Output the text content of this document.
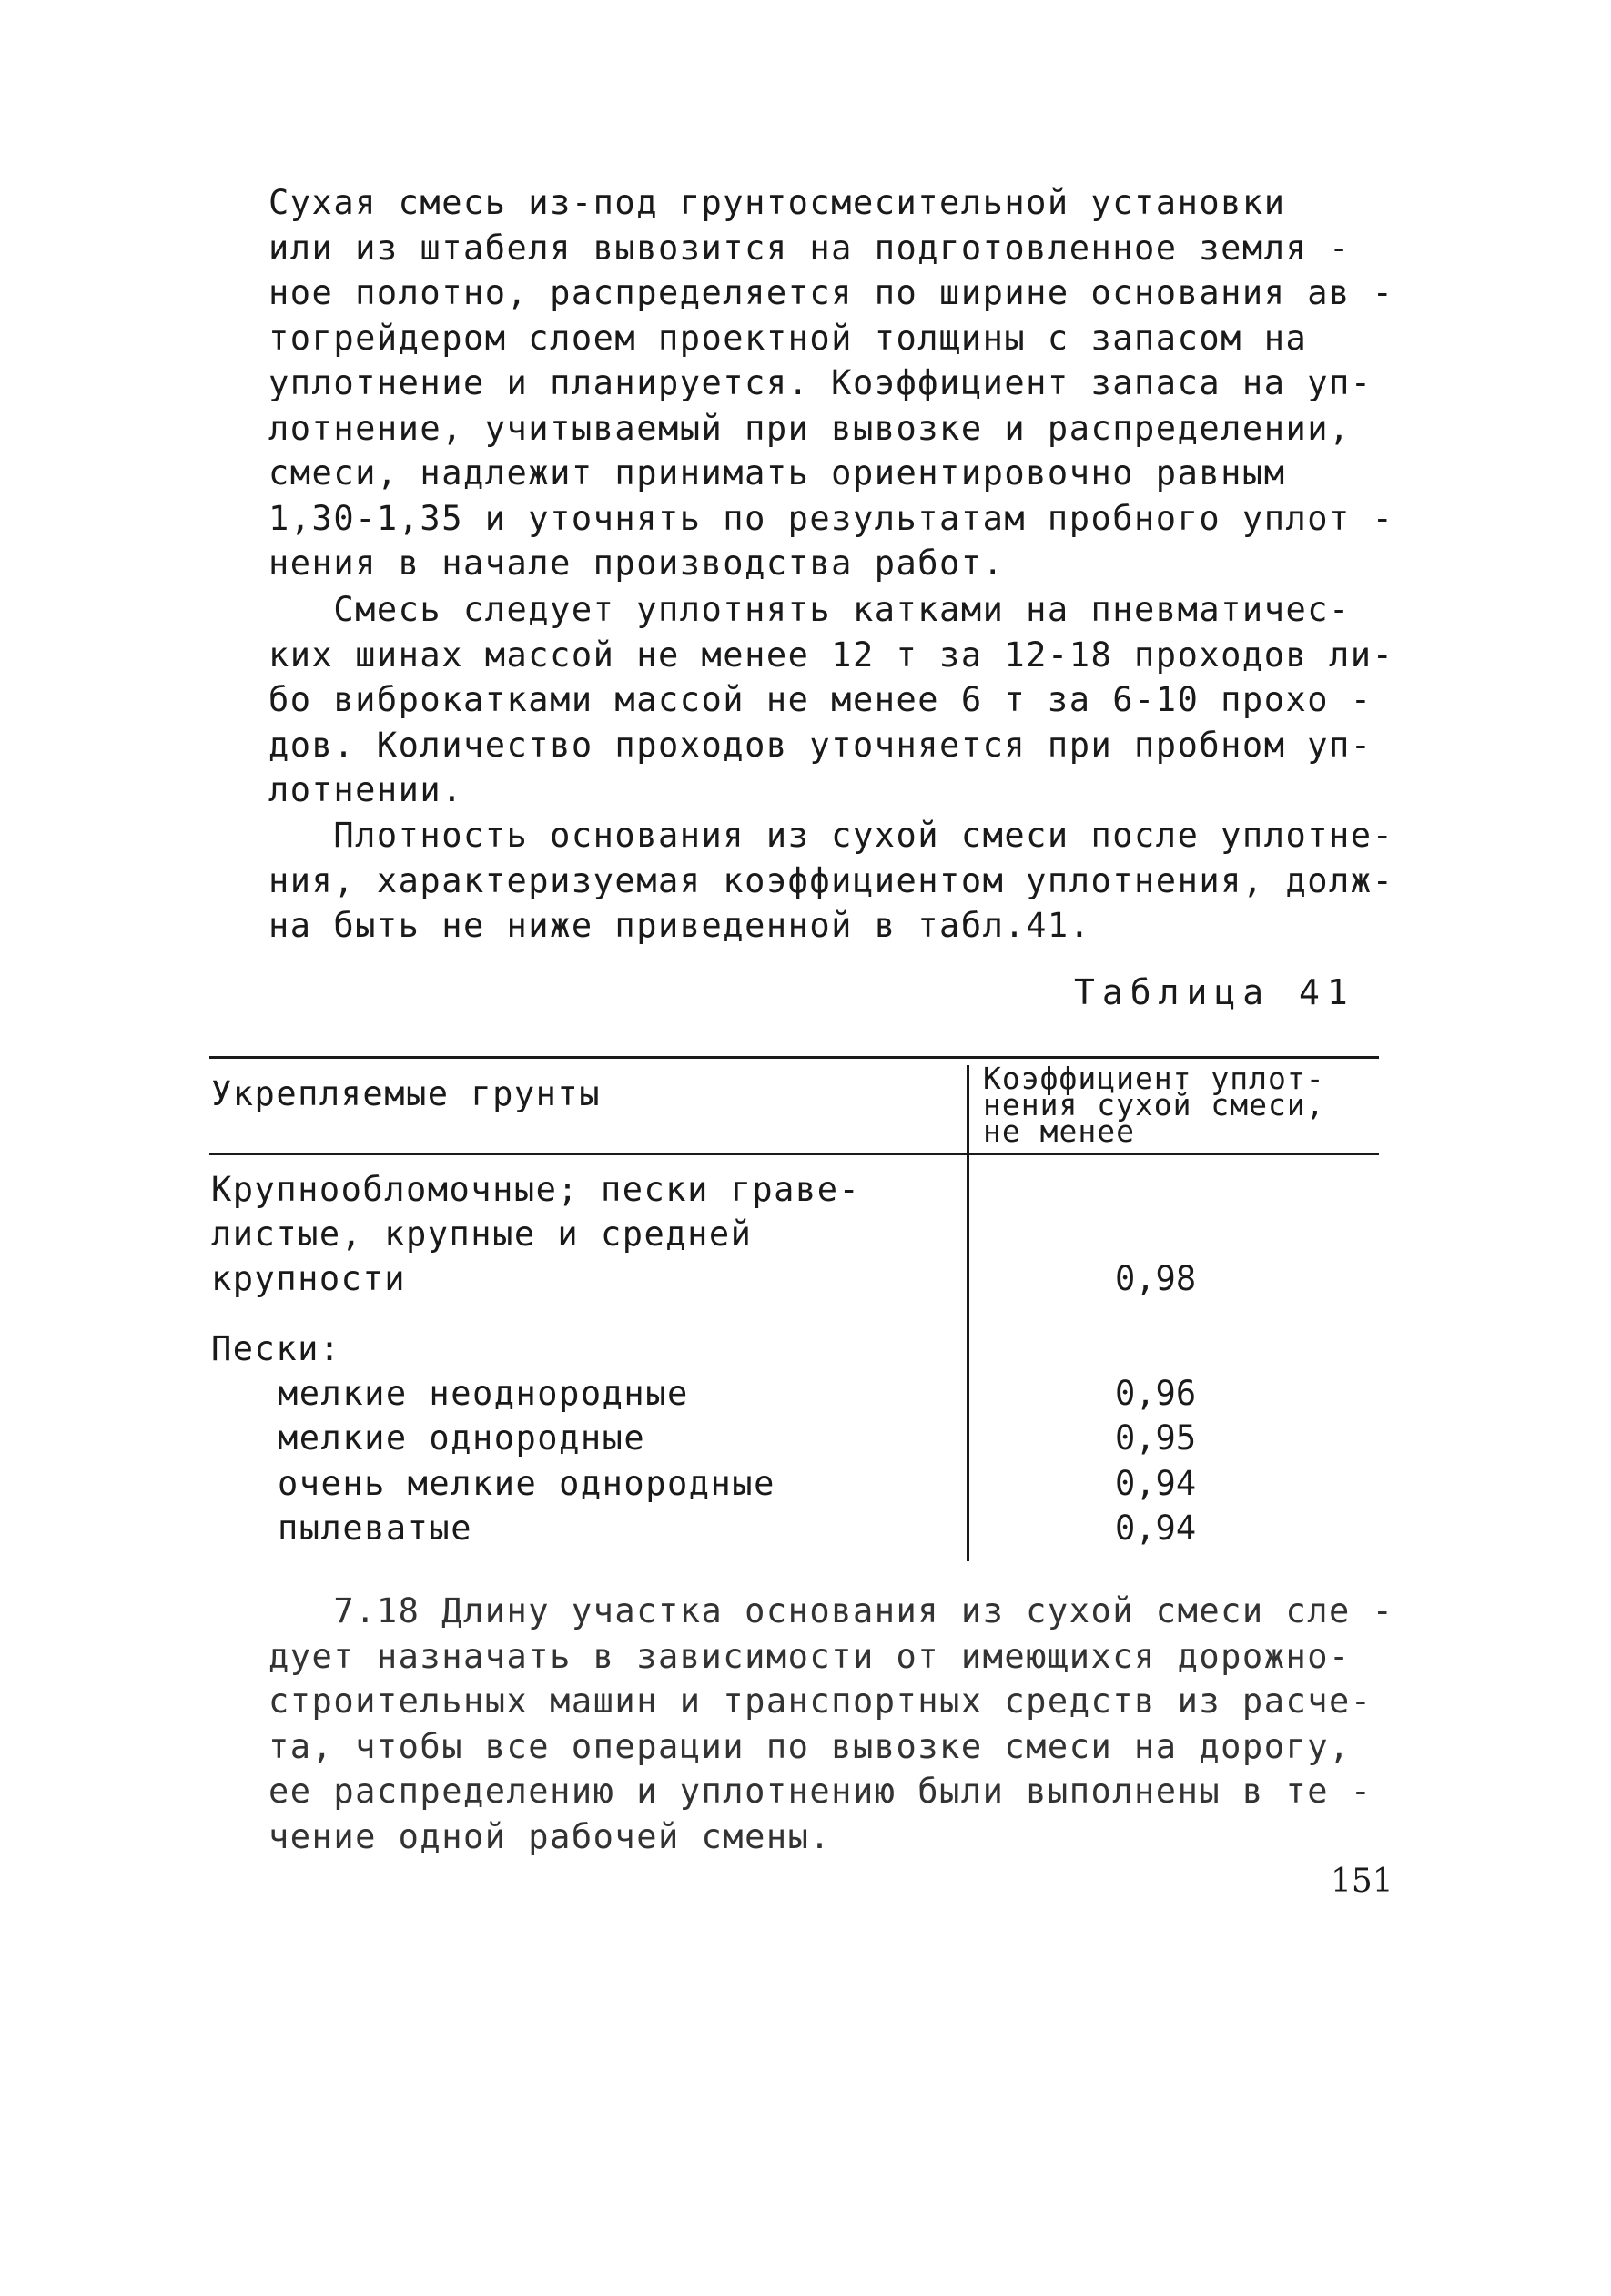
Сухая смесь из-под грунтосмесительной установки
или из штабеля вывозится на подготовленное земля -
ное полотно, распределяется по ширине основания ав -
тогрейдером слоем проектной толщины с запасом на
уплотнение и планируется. Коэффициент запаса на уп-
лотнение, учитываемый при вывозке и распределении,
смеси, надлежит принимать ориентировочно равным
1,30-1,35 и уточнять по результатам пробного уплот -
нения в начале производства работ.
Смесь следует уплотнять катками на пневматичес-
ких шинах массой не менее 12 т за 12-18 проходов ли-
бо виброкатками массой не менее 6 т за 6-10 прохо -
дов. Количество проходов уточняется при пробном уп-
лотнении.
Плотность основания из сухой смеси после уплотне-
ния, характеризуемая коэффициентом уплотнения, долж-
на быть не ниже приведенной в табл.41.
Таблица 41
Укрепляемые грунты	Коэффициент уплот-
нения сухой смеси,
не менее
Крупнообломочные; пески граве-
листые, крупные и средней
крупности	0,98
Пески:
мелкие неоднородные	0,96
мелкие однородные	0,95
очень мелкие однородные	0,94
пылеватые	0,94
7.18 Длину участка основания из сухой смеси сле -
дует назначать в зависимости от имеющихся дорожно-
строительных машин и транспортных средств из расче-
та, чтобы все операции по вывозке смеси на дорогу,
ее распределению и уплотнению были выполнены в те -
чение одной рабочей смены.
151
